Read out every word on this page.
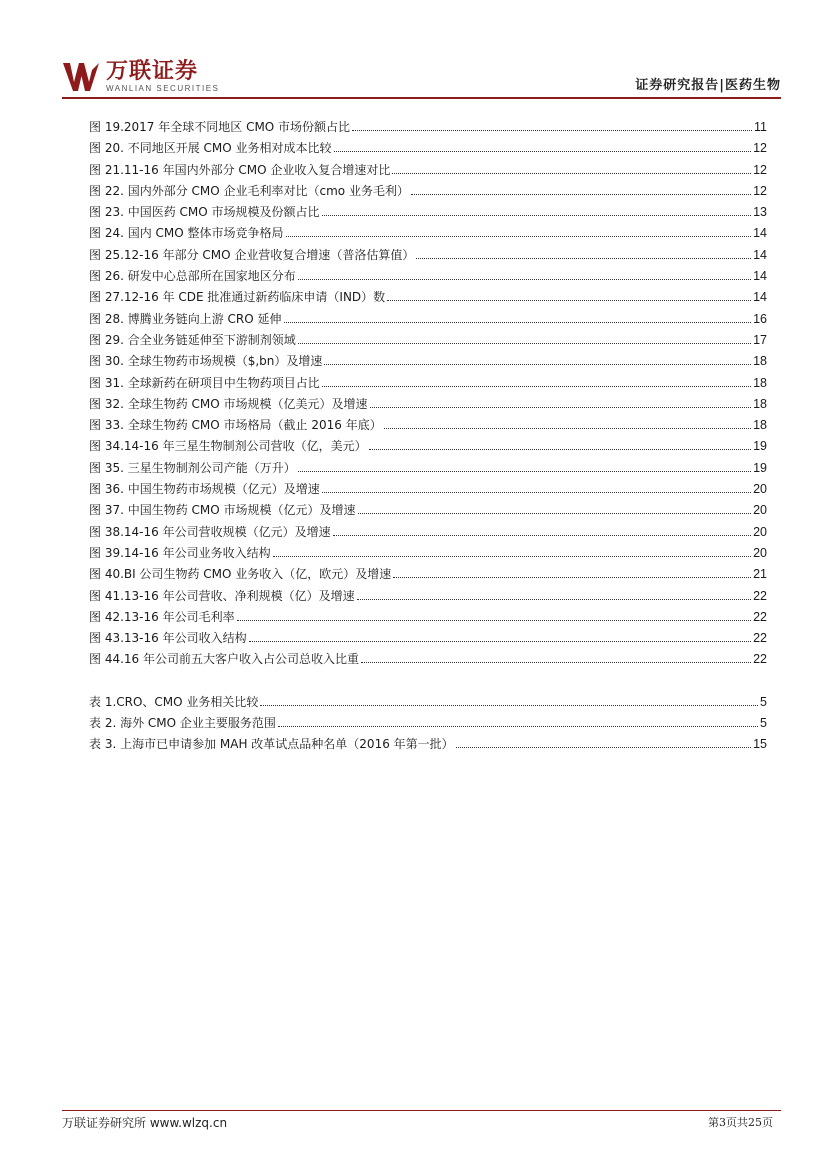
万联证券
WANLIAN SECURITIES	证券研究报告|医药生物
图 19.2017 年全球不同地区 CMO 市场份额占比	11
图 20. 不同地区开展 CMO 业务相对成本比较	12
图 21.11-16 年国内外部分 CMO 企业收入复合增速对比	12
图 22. 国内外部分 CMO 企业毛利率对比（cmo 业务毛利）	12
图 23. 中国医药 CMO 市场规模及份额占比	13
图 24. 国内 CMO 整体市场竞争格局	14
图 25.12-16 年部分 CMO 企业营收复合增速（普洛估算值）	14
图 26. 研发中心总部所在国家地区分布	14
图 27.12-16 年 CDE 批准通过新药临床申请（IND）数	14
图 28. 博腾业务链向上游 CRO 延伸	16
图 29. 合全业务链延伸至下游制剂领域	17
图 30. 全球生物药市场规模（$,bn）及增速	18
图 31. 全球新药在研项目中生物药项目占比	18
图 32. 全球生物药 CMO 市场规模（亿美元）及增速	18
图 33. 全球生物药 CMO 市场格局（截止 2016 年底）	18
图 34.14-16 年三星生物制剂公司营收（亿，美元）	19
图 35. 三星生物制剂公司产能（万升）	19
图 36. 中国生物药市场规模（亿元）及增速	20
图 37. 中国生物药 CMO 市场规模（亿元）及增速	20
图 38.14-16 年公司营收规模（亿元）及增速	20
图 39.14-16 年公司业务收入结构	20
图 40.BI 公司生物药 CMO 业务收入（亿，欧元）及增速	21
图 41.13-16 年公司营收、净利规模（亿）及增速	22
图 42.13-16 年公司毛利率	22
图 43.13-16 年公司收入结构	22
图 44.16 年公司前五大客户收入占公司总收入比重	22
表 1.CRO、CMO 业务相关比较	5
表 2. 海外 CMO 企业主要服务范围	5
表 3. 上海市已申请参加 MAH 改革试点品种名单（2016 年第一批）	15
万联证券研究所 www.wlzq.cn	第3页共25页
